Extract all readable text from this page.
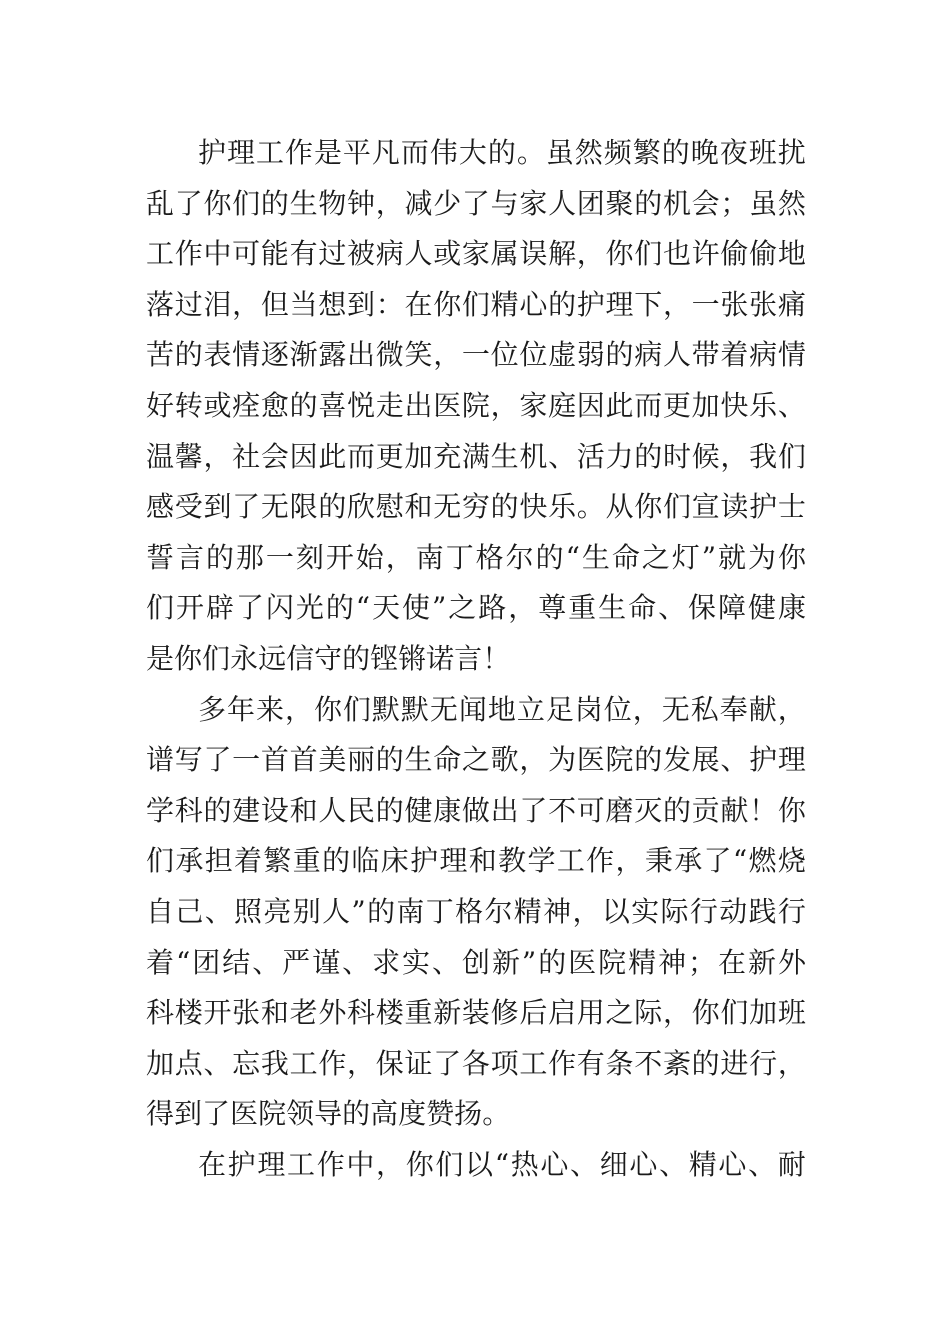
护 理 工 作 是 平 凡 而 伟 大 的 。 虽 然 频 繁 的 晚 夜 班 扰
乱 了 你 们 的 生 物 钟 ， 减 少 了 与 家 人 团 聚 的 机 会 ； 虽 然
工 作 中 可 能 有 过 被 病 人 或 家 属 误 解 ， 你 们 也 许 偷 偷 地
落 过 泪 ， 但 当 想 到 ： 在 你 们 精 心 的 护 理 下 ， 一 张 张 痛
苦 的 表 情 逐 渐 露 出 微 笑 ， 一 位 位 虚 弱 的 病 人 带 着 病 情
好 转 或 痊 愈 的 喜 悦 走 出 医 院 ， 家 庭 因 此 而 更 加 快 乐 、
温 馨 ， 社 会 因 此 而 更 加 充 满 生 机 、 活 力 的 时 候 ， 我 们
感 受 到 了 无 限 的 欣 慰 和 无 穷 的 快 乐 。 从 你 们 宣 读 护 士
誓 言 的 那 一 刻 开 始 ， 南 丁 格 尔 的 “ 生 命 之 灯 ” 就 为 你
们 开 辟 了 闪 光 的 “ 天 使 ” 之 路 ， 尊 重 生 命 、 保 障 健 康
是 你 们 永 远 信 守 的 铿 锵 诺 言 ！
多 年 来 ， 你 们 默 默 无 闻 地 立 足 岗 位 ， 无 私 奉 献 ，
谱 写 了 一 首 首 美 丽 的 生 命 之 歌 ， 为 医 院 的 发 展 、 护 理
学 科 的 建 设 和 人 民 的 健 康 做 出 了 不 可 磨 灭 的 贡 献 ！ 你
们 承 担 着 繁 重 的 临 床 护 理 和 教 学 工 作 ， 秉 承 了 “ 燃 烧
自 己 、 照 亮 别 人 ” 的 南 丁 格 尔 精 神 ， 以 实 际 行 动 践 行
着 “ 团 结 、 严 谨 、 求 实 、 创 新 ” 的 医 院 精 神 ； 在 新 外
科 楼 开 张 和 老 外 科 楼 重 新 装 修 后 启 用 之 际 ， 你 们 加 班
加 点 、 忘 我 工 作 ， 保 证 了 各 项 工 作 有 条 不 紊 的 进 行 ，
得 到 了 医 院 领 导 的 高 度 赞 扬 。
在 护 理 工 作 中 ， 你 们 以 “ 热 心 、 细 心 、 精 心 、 耐
